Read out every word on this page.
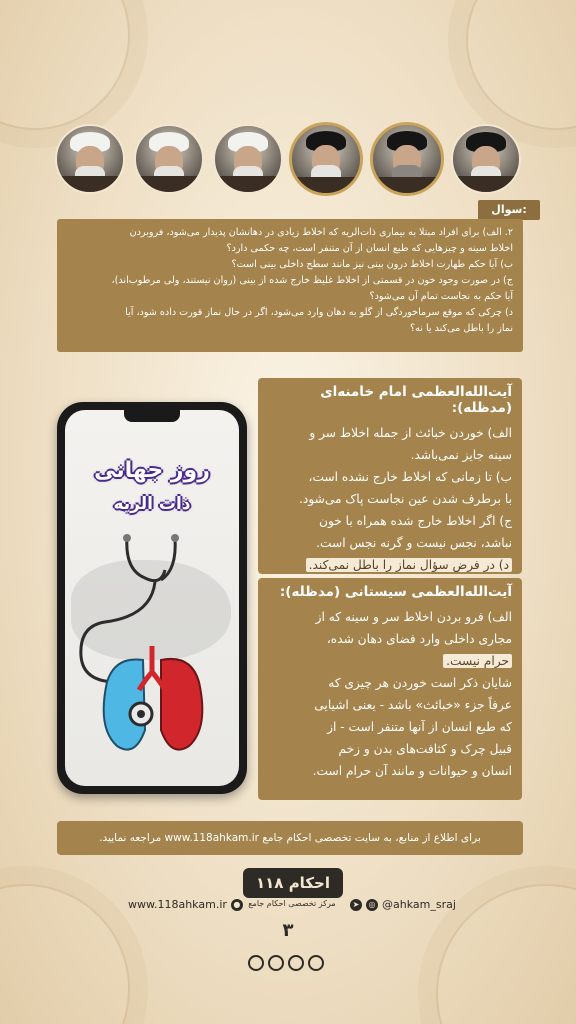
سوال:

۲. الف) برای افراد مبتلا به بیماری ذات‌الریه که اخلاط زیادی در دهانشان پدیدار می‌شود، فروبردن

اخلاط سینه و چیزهایی که طبع انسان از آن متنفر است، چه حکمی دارد؟

ب) آیا حکم طهارت اخلاط درون بینی نیز مانند سطح داخلی بینی است؟

ج) در صورت وجود خون در قسمتی از اخلاط غلیظ خارج شده از بینی (روان نیستند، ولی مرطوب‌اند)،

آیا حکم به نجاست تمام آن می‌شود؟

د) چرکی که موقع سرماخوردگی از گلو به دهان وارد می‌شود، اگر در حال نماز قورت داده شود، آیا

نماز را باطل می‌کند یا نه؟

روز جهانی
ذات الریه
آیت‌الله‌العظمی امام خامنه‌ای (مدظله):

الف) خوردن خبائث از جمله اخلاط سر و

سینه جایز نمی‌باشد.

ب) تا زمانی که اخلاط خارج نشده است،

با برطرف شدن عین نجاست پاک می‌شود.

ج) اگر اخلاط خارج شده همراه با خون

نباشد، نجس نیست و گرنه نجس است.

د) در فرض سؤال نماز را باطل نمی‌کند.

آیت‌الله‌العظمی سیستانی (مدظله):

الف) فرو بردن اخلاط سر و سینه که از

مجاری داخلی وارد فضای دهان شده،

حرام نیست.

شایان ذکر است خوردن هر چیزی که

عرفاً جزء «خبائث» باشد - یعنی اشیایی

که طبع انسان از آنها متنفر است - از

قبیل چرک و کثافت‌های بدن و زخم

انسان و حیوانات و مانند آن حرام است.

برای اطلاع از منابع، به سایت تخصصی احکام جامع www.118ahkam.ir مراجعه نمایید.
۱۱۸ احکام
مرکز تخصصی احکام جامع
www.118ahkam.ir ●	➤	◎ @ahkam_sraj
۳
